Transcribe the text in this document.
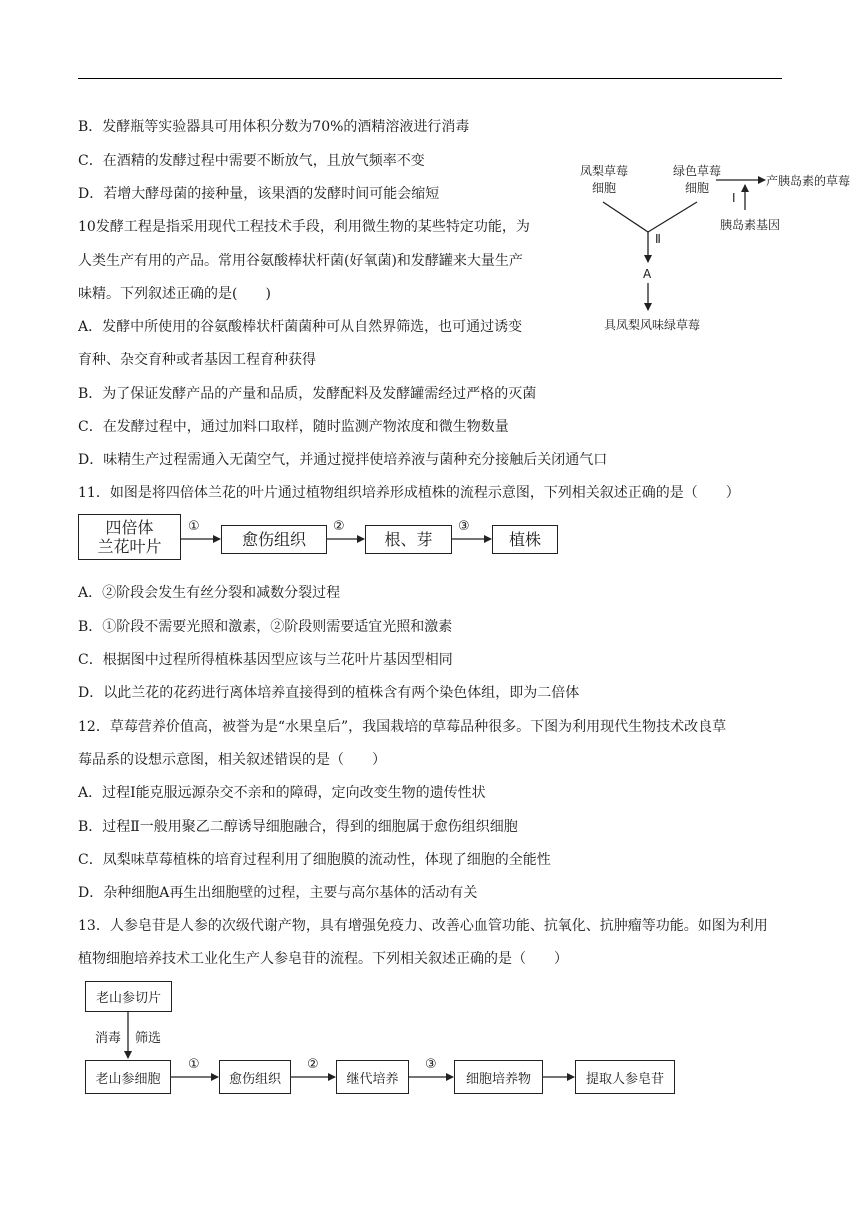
B．发酵瓶等实验器具可用体积分数为70%的酒精溶液进行消毒
C．在酒精的发酵过程中需要不断放气，且放气频率不变
D．若增大酵母菌的接种量，该果酒的发酵时间可能会缩短
10发酵工程是指采用现代工程技术手段，利用微生物的某些特定功能，为
人类生产有用的产品。常用谷氨酸棒状杆菌(好氧菌)和发酵罐来大量生产
味精。下列叙述正确的是(　　)
A．发酵中所使用的谷氨酸棒状杆菌菌种可从自然界筛选，也可通过诱变
育种、杂交育种或者基因工程育种获得
B．为了保证发酵产品的产量和品质，发酵配料及发酵罐需经过严格的灭菌
C．在发酵过程中，通过加料口取样，随时监测产物浓度和微生物数量
D．味精生产过程需通入无菌空气，并通过搅拌使培养液与菌种充分接触后关闭通气口
11．如图是将四倍体兰花的叶片通过植物组织培养形成植株的流程示意图，下列相关叙述正确的是（　　）
A．②阶段会发生有丝分裂和减数分裂过程
B．①阶段不需要光照和激素，②阶段则需要适宜光照和激素
C．根据图中过程所得植株基因型应该与兰花叶片基因型相同
D．以此兰花的花药进行离体培养直接得到的植株含有两个染色体组，即为二倍体
12．草莓营养价值高，被誉为是“水果皇后”，我国栽培的草莓品种很多。下图为利用现代生物技术改良草
莓品系的设想示意图，相关叙述错误的是（　　）
A．过程Ⅰ能克服远源杂交不亲和的障碍，定向改变生物的遗传性状
B．过程Ⅱ一般用聚乙二醇诱导细胞融合，得到的细胞属于愈伤组织细胞
C．凤梨味草莓植株的培育过程利用了细胞膜的流动性，体现了细胞的全能性
D．杂种细胞A再生出细胞壁的过程，主要与高尔基体的活动有关
13．人参皂苷是人参的次级代谢产物，具有增强免疫力、改善心血管功能、抗氧化、抗肿瘤等功能。如图为利用
植物细胞培养技术工业化生产人参皂苷的流程。下列相关叙述正确的是（　　）
凤梨草莓
细胞
绿色草莓
细胞	产胰岛素的草莓
Ⅰ
胰岛素基因
Ⅱ
A
具凤梨风味绿草莓
四倍体
兰花叶片
①
愈伤组织
②
根、芽
③
植株
老山参切片
消毒 筛选
老山参细胞
①
愈伤组织
②
继代培养
③
细胞培养物	提取人参皂苷
